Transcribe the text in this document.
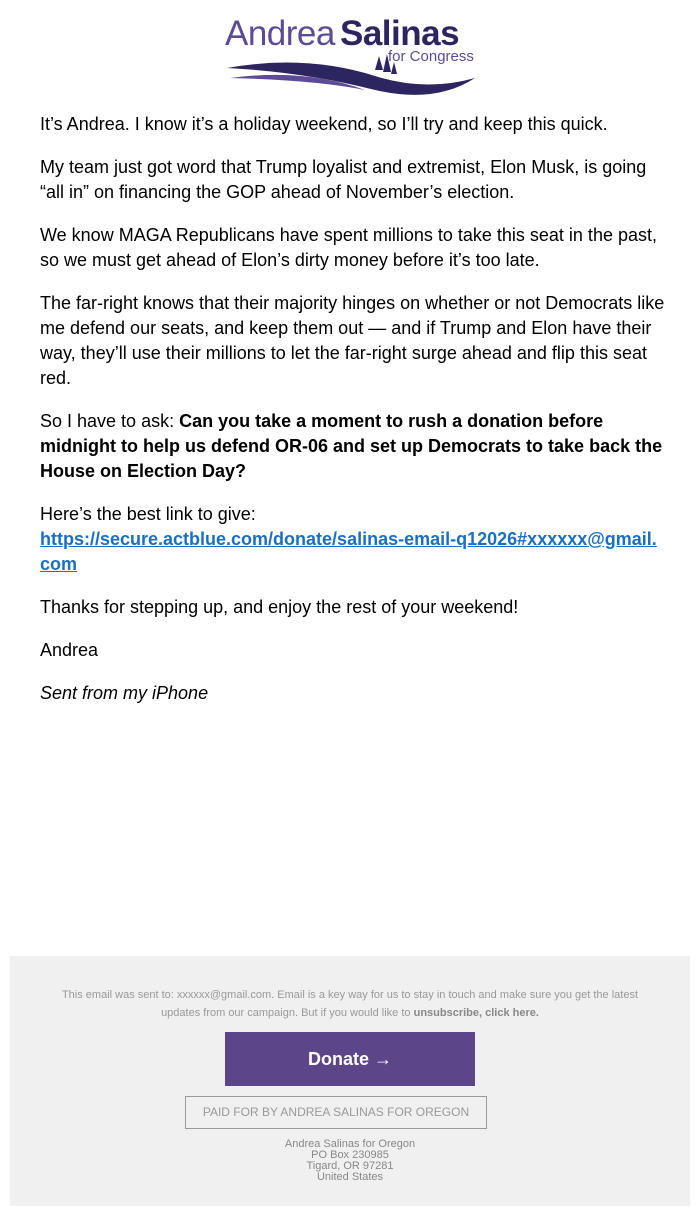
Andrea Salinas
for Congress

It’s Andrea. I know it’s a holiday weekend, so I’ll try and keep this quick.

My team just got word that Trump loyalist and extremist, Elon Musk, is going “all in” on financing the GOP ahead of November’s election.

We know MAGA Republicans have spent millions to take this seat in the past, so we must get ahead of Elon’s dirty money before it’s too late.

The far-right knows that their majority hinges on whether or not Democrats like me defend our seats, and keep them out — and if Trump and Elon have their way, they’ll use their millions to let the far-right surge ahead and flip this seat red.

So I have to ask: Can you take a moment to rush a donation before midnight to help us defend OR-06 and set up Democrats to take back the House on Election Day?

Here’s the best link to give:
https://secure.actblue.com/donate/salinas-email-q12026#xxxxxx@gmail.com

Thanks for stepping up, and enjoy the rest of your weekend!

Andrea

Sent from my iPhone

This email was sent to: xxxxxx@gmail.com. Email is a key way for us to stay in touch and make sure you get the latest updates from our campaign. But if you would like to unsubscribe, click here.
Donate →
PAID FOR BY ANDREA SALINAS FOR OREGON
Andrea Salinas for Oregon
PO Box 230985
Tigard, OR 97281
United States
